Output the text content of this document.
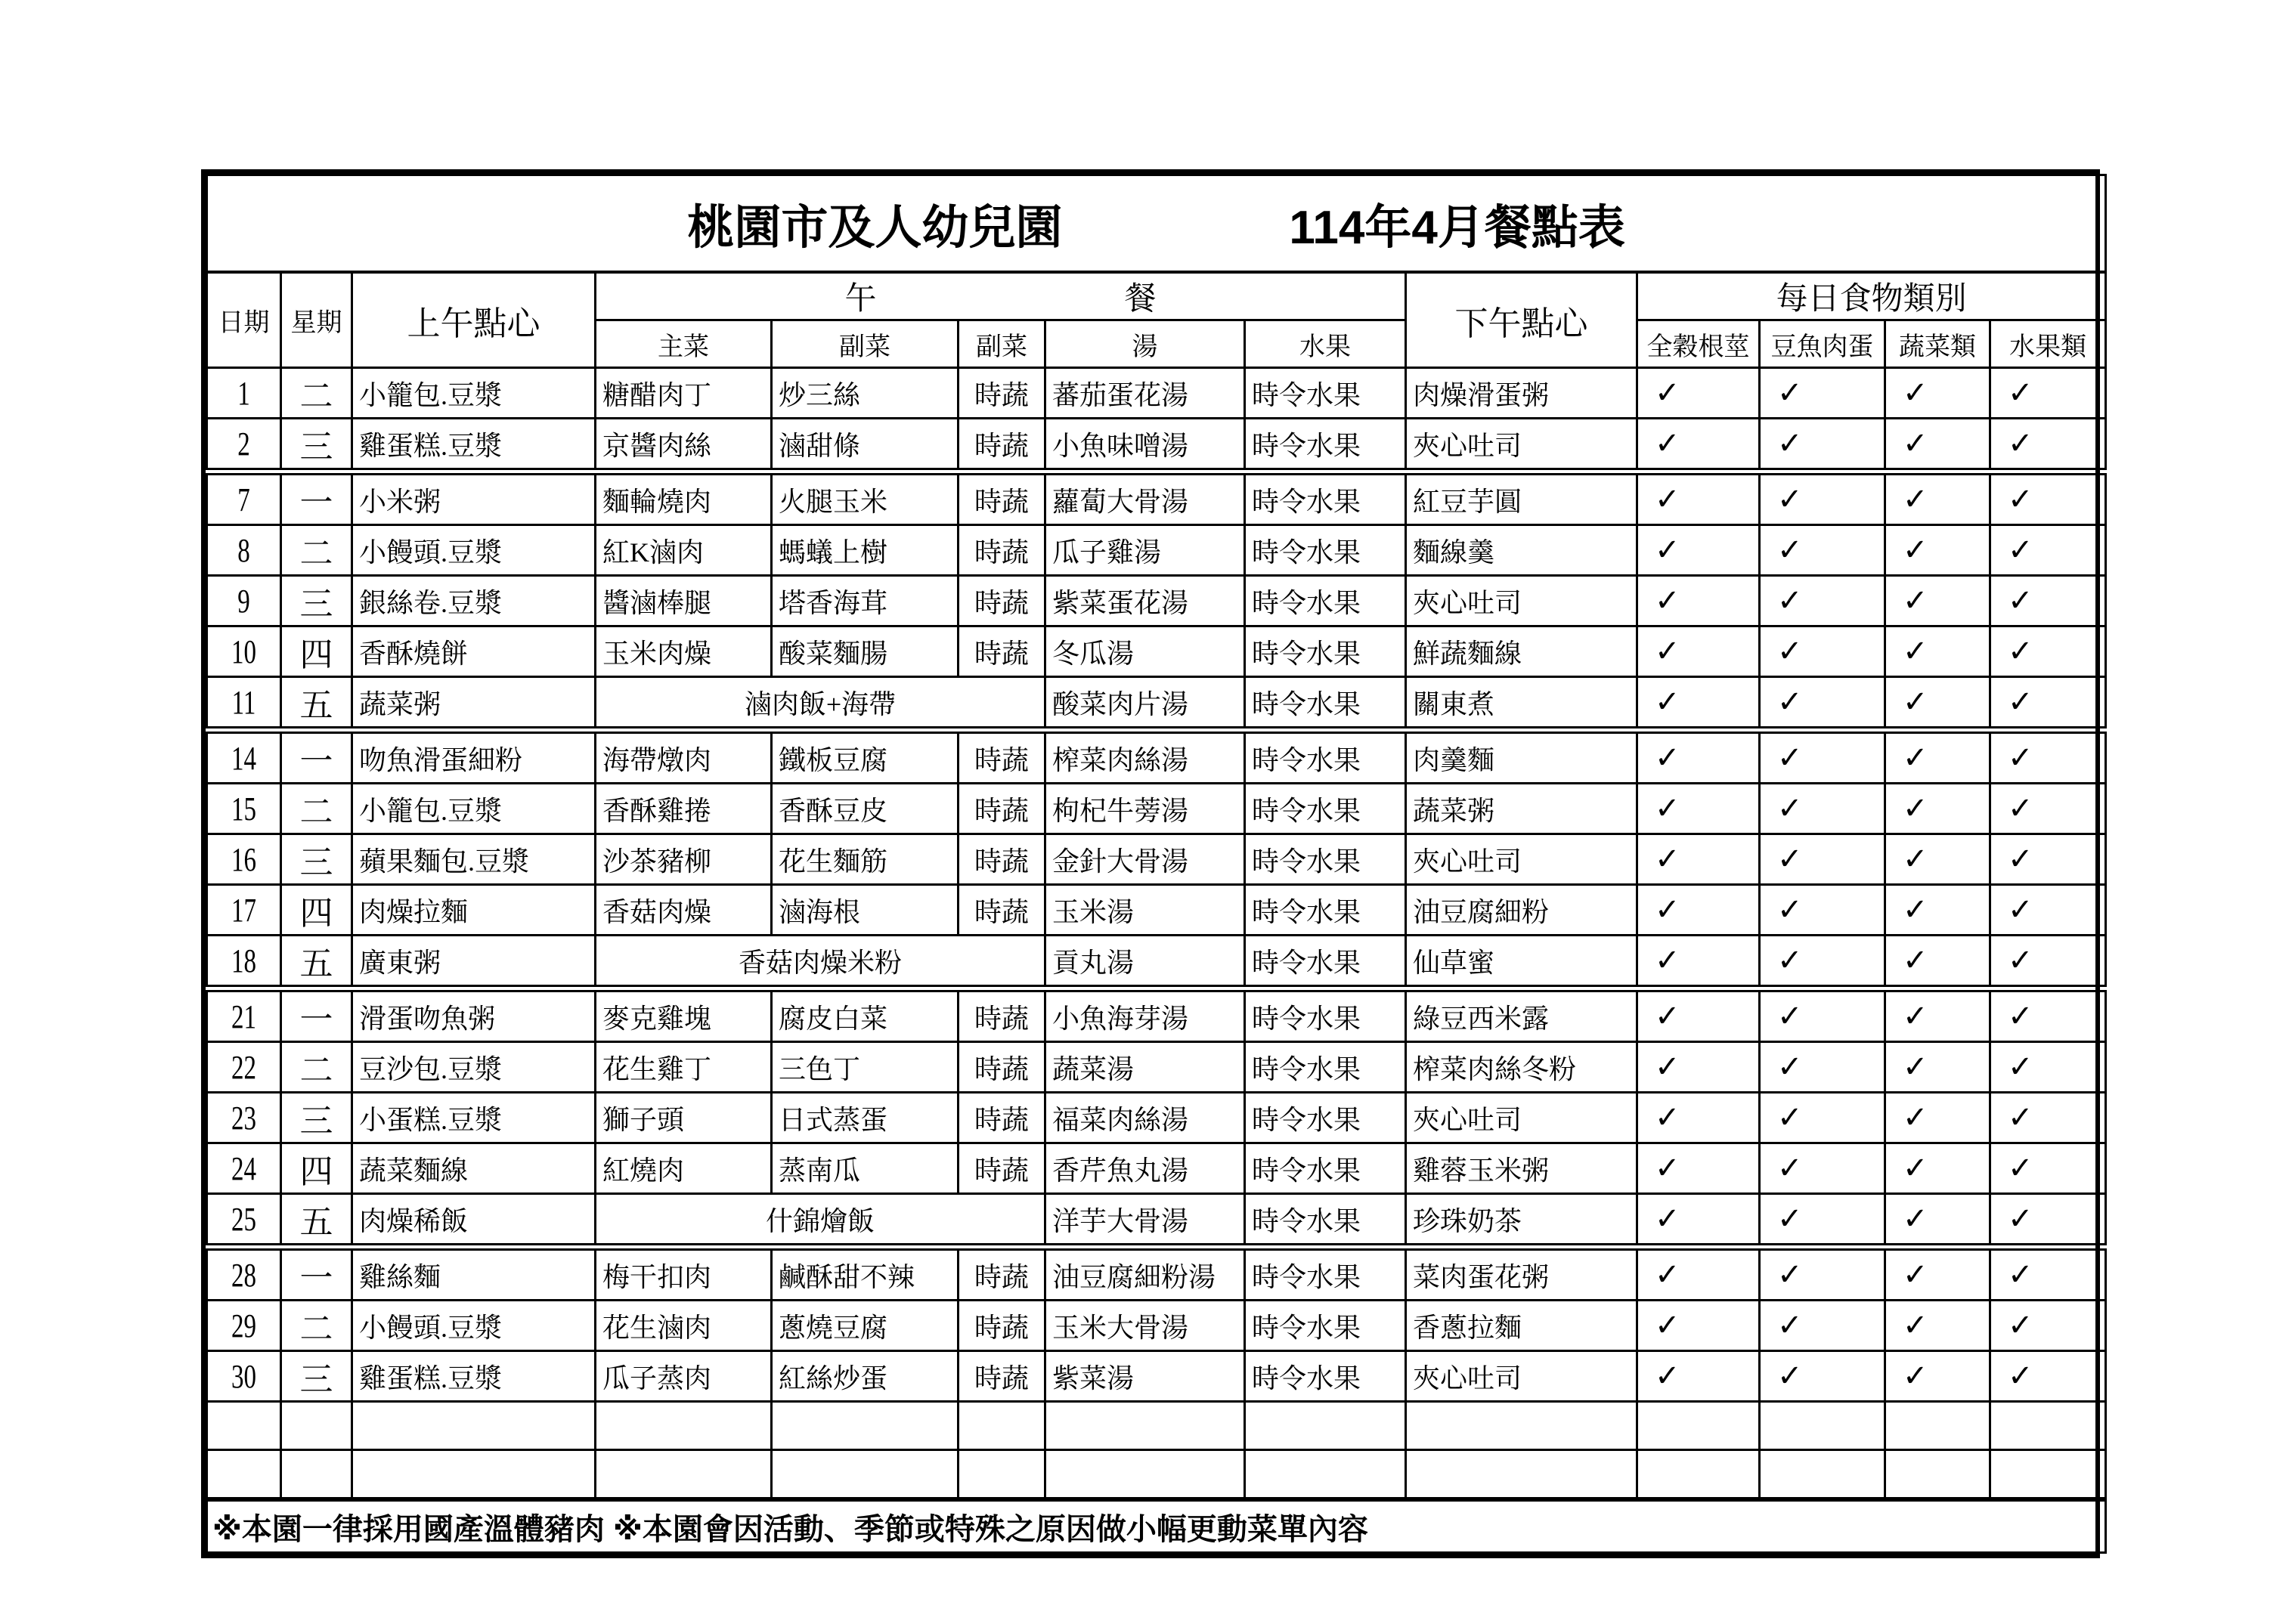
桃園市及人幼兒園 114年4月餐點表												
日期	星期	上午點心	午 餐					下午點心	每日食物類別			
			主菜	副菜	副菜	湯	水果		全穀根莖	豆魚肉蛋	蔬菜類	水果類

1	二	小籠包.豆漿	糖醋肉丁	炒三絲	時蔬	蕃茄蛋花湯	時令水果	肉燥滑蛋粥	✓	✓	✓	✓

2	三	雞蛋糕.豆漿	京醬肉絲	滷甜條	時蔬	小魚味噌湯	時令水果	夾心吐司	✓	✓	✓	✓

7	一	小米粥	麵輪燒肉	火腿玉米	時蔬	蘿蔔大骨湯	時令水果	紅豆芋圓	✓	✓	✓	✓

8	二	小饅頭.豆漿	紅K滷肉	螞蟻上樹	時蔬	瓜子雞湯	時令水果	麵線羹	✓	✓	✓	✓

9	三	銀絲卷.豆漿	醬滷棒腿	塔香海茸	時蔬	紫菜蛋花湯	時令水果	夾心吐司	✓	✓	✓	✓

10	四	香酥燒餅	玉米肉燥	酸菜麵腸	時蔬	冬瓜湯	時令水果	鮮蔬麵線	✓	✓	✓	✓

11	五	蔬菜粥	滷肉飯+海帶			酸菜肉片湯	時令水果	關東煮	✓	✓	✓	✓

14	一	吻魚滑蛋細粉	海帶燉肉	鐵板豆腐	時蔬	榨菜肉絲湯	時令水果	肉羹麵	✓	✓	✓	✓

15	二	小籠包.豆漿	香酥雞捲	香酥豆皮	時蔬	枸杞牛蒡湯	時令水果	蔬菜粥	✓	✓	✓	✓

16	三	蘋果麵包.豆漿	沙茶豬柳	花生麵筋	時蔬	金針大骨湯	時令水果	夾心吐司	✓	✓	✓	✓

17	四	肉燥拉麵	香菇肉燥	滷海根	時蔬	玉米湯	時令水果	油豆腐細粉	✓	✓	✓	✓

18	五	廣東粥	香菇肉燥米粉			貢丸湯	時令水果	仙草蜜	✓	✓	✓	✓

21	一	滑蛋吻魚粥	麥克雞塊	腐皮白菜	時蔬	小魚海芽湯	時令水果	綠豆西米露	✓	✓	✓	✓

22	二	豆沙包.豆漿	花生雞丁	三色丁	時蔬	蔬菜湯	時令水果	榨菜肉絲冬粉	✓	✓	✓	✓

23	三	小蛋糕.豆漿	獅子頭	日式蒸蛋	時蔬	福菜肉絲湯	時令水果	夾心吐司	✓	✓	✓	✓

24	四	蔬菜麵線	紅燒肉	蒸南瓜	時蔬	香芹魚丸湯	時令水果	雞蓉玉米粥	✓	✓	✓	✓

25	五	肉燥稀飯	什錦燴飯			洋芋大骨湯	時令水果	珍珠奶茶	✓	✓	✓	✓

28	一	雞絲麵	梅干扣肉	鹹酥甜不辣	時蔬	油豆腐細粉湯	時令水果	菜肉蛋花粥	✓	✓	✓	✓

29	二	小饅頭.豆漿	花生滷肉	蔥燒豆腐	時蔬	玉米大骨湯	時令水果	香蔥拉麵	✓	✓	✓	✓

30	三	雞蛋糕.豆漿	瓜子蒸肉	紅絲炒蛋	時蔬	紫菜湯	時令水果	夾心吐司	✓	✓	✓	✓

※本園一律採用國產溫體豬肉 ※本園會因活動、季節或特殊之原因做小幅更動菜單內容												
